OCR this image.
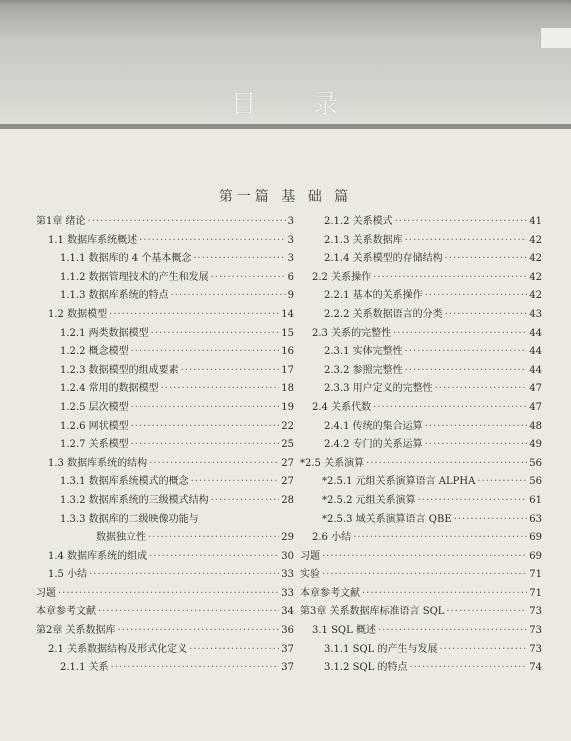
目 录
第一篇 基 础 篇
第1章 绪论 ·····	3
1.1 数据库系统概述 ·····	3
1.1.1 数据库的 4 个基本概念 ·····	3
1.1.2 数据管理技术的产生和发展 ·····	6
1.1.3 数据库系统的特点 ·····	9
1.2 数据模型 ·····	14
1.2.1 两类数据模型 ·····	15
1.2.2 概念模型 ·····	16
1.2.3 数据模型的组成要素 ·····	17
1.2.4 常用的数据模型 ·····	18
1.2.5 层次模型 ·····	19
1.2.6 网状模型 ·····	22
1.2.7 关系模型 ·····	25
1.3 数据库系统的结构 ·····	27
1.3.1 数据库系统模式的概念 ·····	27
1.3.2 数据库系统的三级模式结构 ·····	28
1.3.3 数据库的二级映像功能与
数据独立性 ·····	29
1.4 数据库系统的组成 ·····	30
1.5 小结 ·····	33
习题 ·····	33
本章参考文献 ·····	34
第2章 关系数据库 ·····	36
2.1 关系数据结构及形式化定义 ·····	37
2.1.1 关系 ·····	37
2.1.2 关系模式 ·····	41
2.1.3 关系数据库 ·····	42
2.1.4 关系模型的存储结构 ·····	42
2.2 关系操作 ·····	42
2.2.1 基本的关系操作 ·····	42
2.2.2 关系数据语言的分类 ·····	43
2.3 关系的完整性 ·····	44
2.3.1 实体完整性 ·····	44
2.3.2 参照完整性 ·····	44
2.3.3 用户定义的完整性 ·····	47
2.4 关系代数 ·····	47
2.4.1 传统的集合运算 ·····	48
2.4.2 专门的关系运算 ·····	49
*2.5 关系演算 ·····	56
*2.5.1 元组关系演算语言 ALPHA ·····	56
*2.5.2 元组关系演算 ·····	61
*2.5.3 域关系演算语言 QBE ·····	63
2.6 小结 ·····	69
习题 ·····	69
实验 ·····	71
本章参考文献 ·····	71
第3章 关系数据库标准语言 SQL ·····	73
3.1 SQL 概述 ·····	73
3.1.1 SQL 的产生与发展 ·····	73
3.1.2 SQL 的特点 ·····	74
